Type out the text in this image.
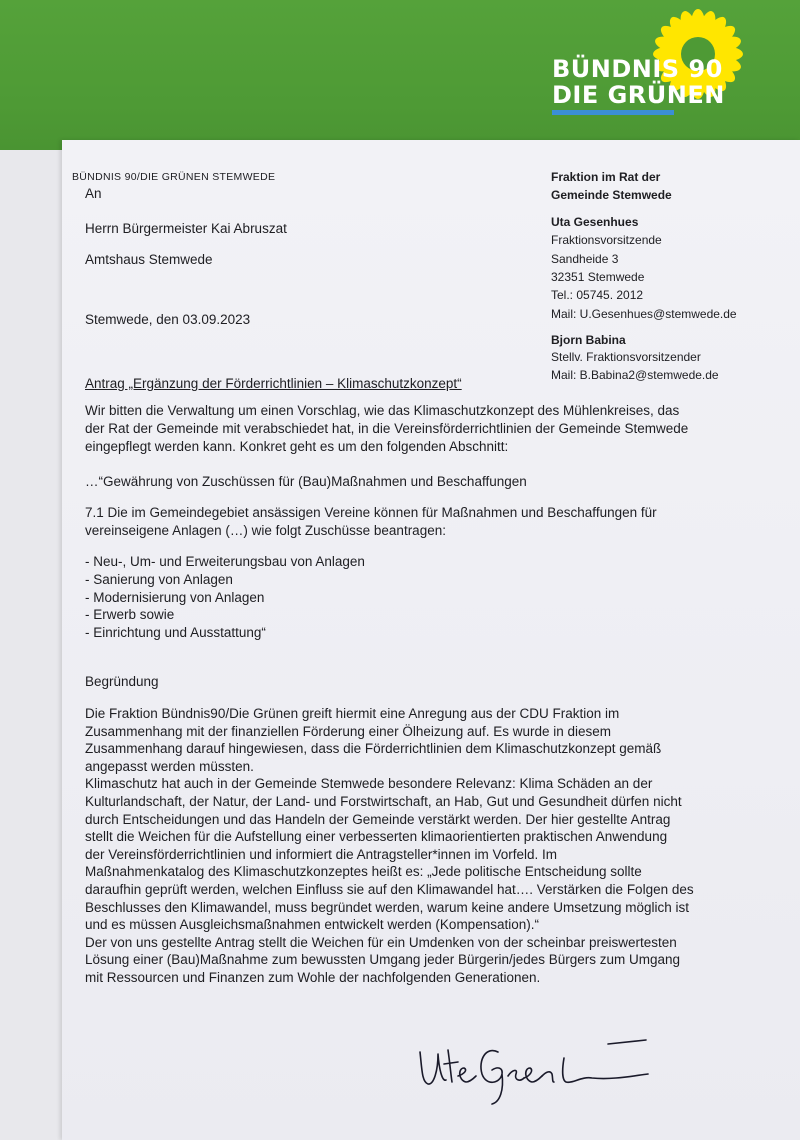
BÜNDNIS 90
DIE GRÜNEN
BÜNDNIS 90/DIE GRÜNEN STEMWEDE
An
Herrn Bürgermeister Kai Abruszat
Amtshaus Stemwede
Stemwede, den 03.09.2023
Fraktion im Rat der
Gemeinde Stemwede
Uta Gesenhues
Fraktionsvorsitzende
Sandheide 3
32351 Stemwede
Tel.: 05745. 2012
Mail: U.Gesenhues@stemwede.de
Bjorn Babina
Stellv. Fraktionsvorsitzender
Mail: B.Babina2@stemwede.de
Antrag „Ergänzung der Förderrichtlinien – Klimaschutzkonzept“
Wir bitten die Verwaltung um einen Vorschlag, wie das Klimaschutzkonzept des Mühlenkreises, das
der Rat der Gemeinde mit verabschiedet hat, in die Vereinsförderrichtlinien der Gemeinde Stemwede
eingepflegt werden kann. Konkret geht es um den folgenden Abschnitt:
…“Gewährung von Zuschüssen für (Bau)Maßnahmen und Beschaffungen
7.1 Die im Gemeindegebiet ansässigen Vereine können für Maßnahmen und Beschaffungen für
vereinseigene Anlagen (…) wie folgt Zuschüsse beantragen:
- Neu-, Um- und Erweiterungsbau von Anlagen
- Sanierung von Anlagen
- Modernisierung von Anlagen
- Erwerb sowie
- Einrichtung und Ausstattung“
Begründung
Die Fraktion Bündnis90/Die Grünen greift hiermit eine Anregung aus der CDU Fraktion im
Zusammenhang mit der finanziellen Förderung einer Ölheizung auf. Es wurde in diesem
Zusammenhang darauf hingewiesen, dass die Förderrichtlinien dem Klimaschutzkonzept gemäß
angepasst werden müssten.
Klimaschutz hat auch in der Gemeinde Stemwede besondere Relevanz: Klima Schäden an der
Kulturlandschaft, der Natur, der Land- und Forstwirtschaft, an Hab, Gut und Gesundheit dürfen nicht
durch Entscheidungen und das Handeln der Gemeinde verstärkt werden. Der hier gestellte Antrag
stellt die Weichen für die Aufstellung einer verbesserten klimaorientierten praktischen Anwendung
der Vereinsförderrichtlinien und informiert die Antragsteller*innen im Vorfeld. Im
Maßnahmenkatalog des Klimaschutzkonzeptes heißt es: „Jede politische Entscheidung sollte
daraufhin geprüft werden, welchen Einfluss sie auf den Klimawandel hat…. Verstärken die Folgen des
Beschlusses den Klimawandel, muss begründet werden, warum keine andere Umsetzung möglich ist
und es müssen Ausgleichsmaßnahmen entwickelt werden (Kompensation).“
Der von uns gestellte Antrag stellt die Weichen für ein Umdenken von der scheinbar preiswertesten
Lösung einer (Bau)Maßnahme zum bewussten Umgang jeder Bürgerin/jedes Bürgers zum Umgang
mit Ressourcen und Finanzen zum Wohle der nachfolgenden Generationen.
